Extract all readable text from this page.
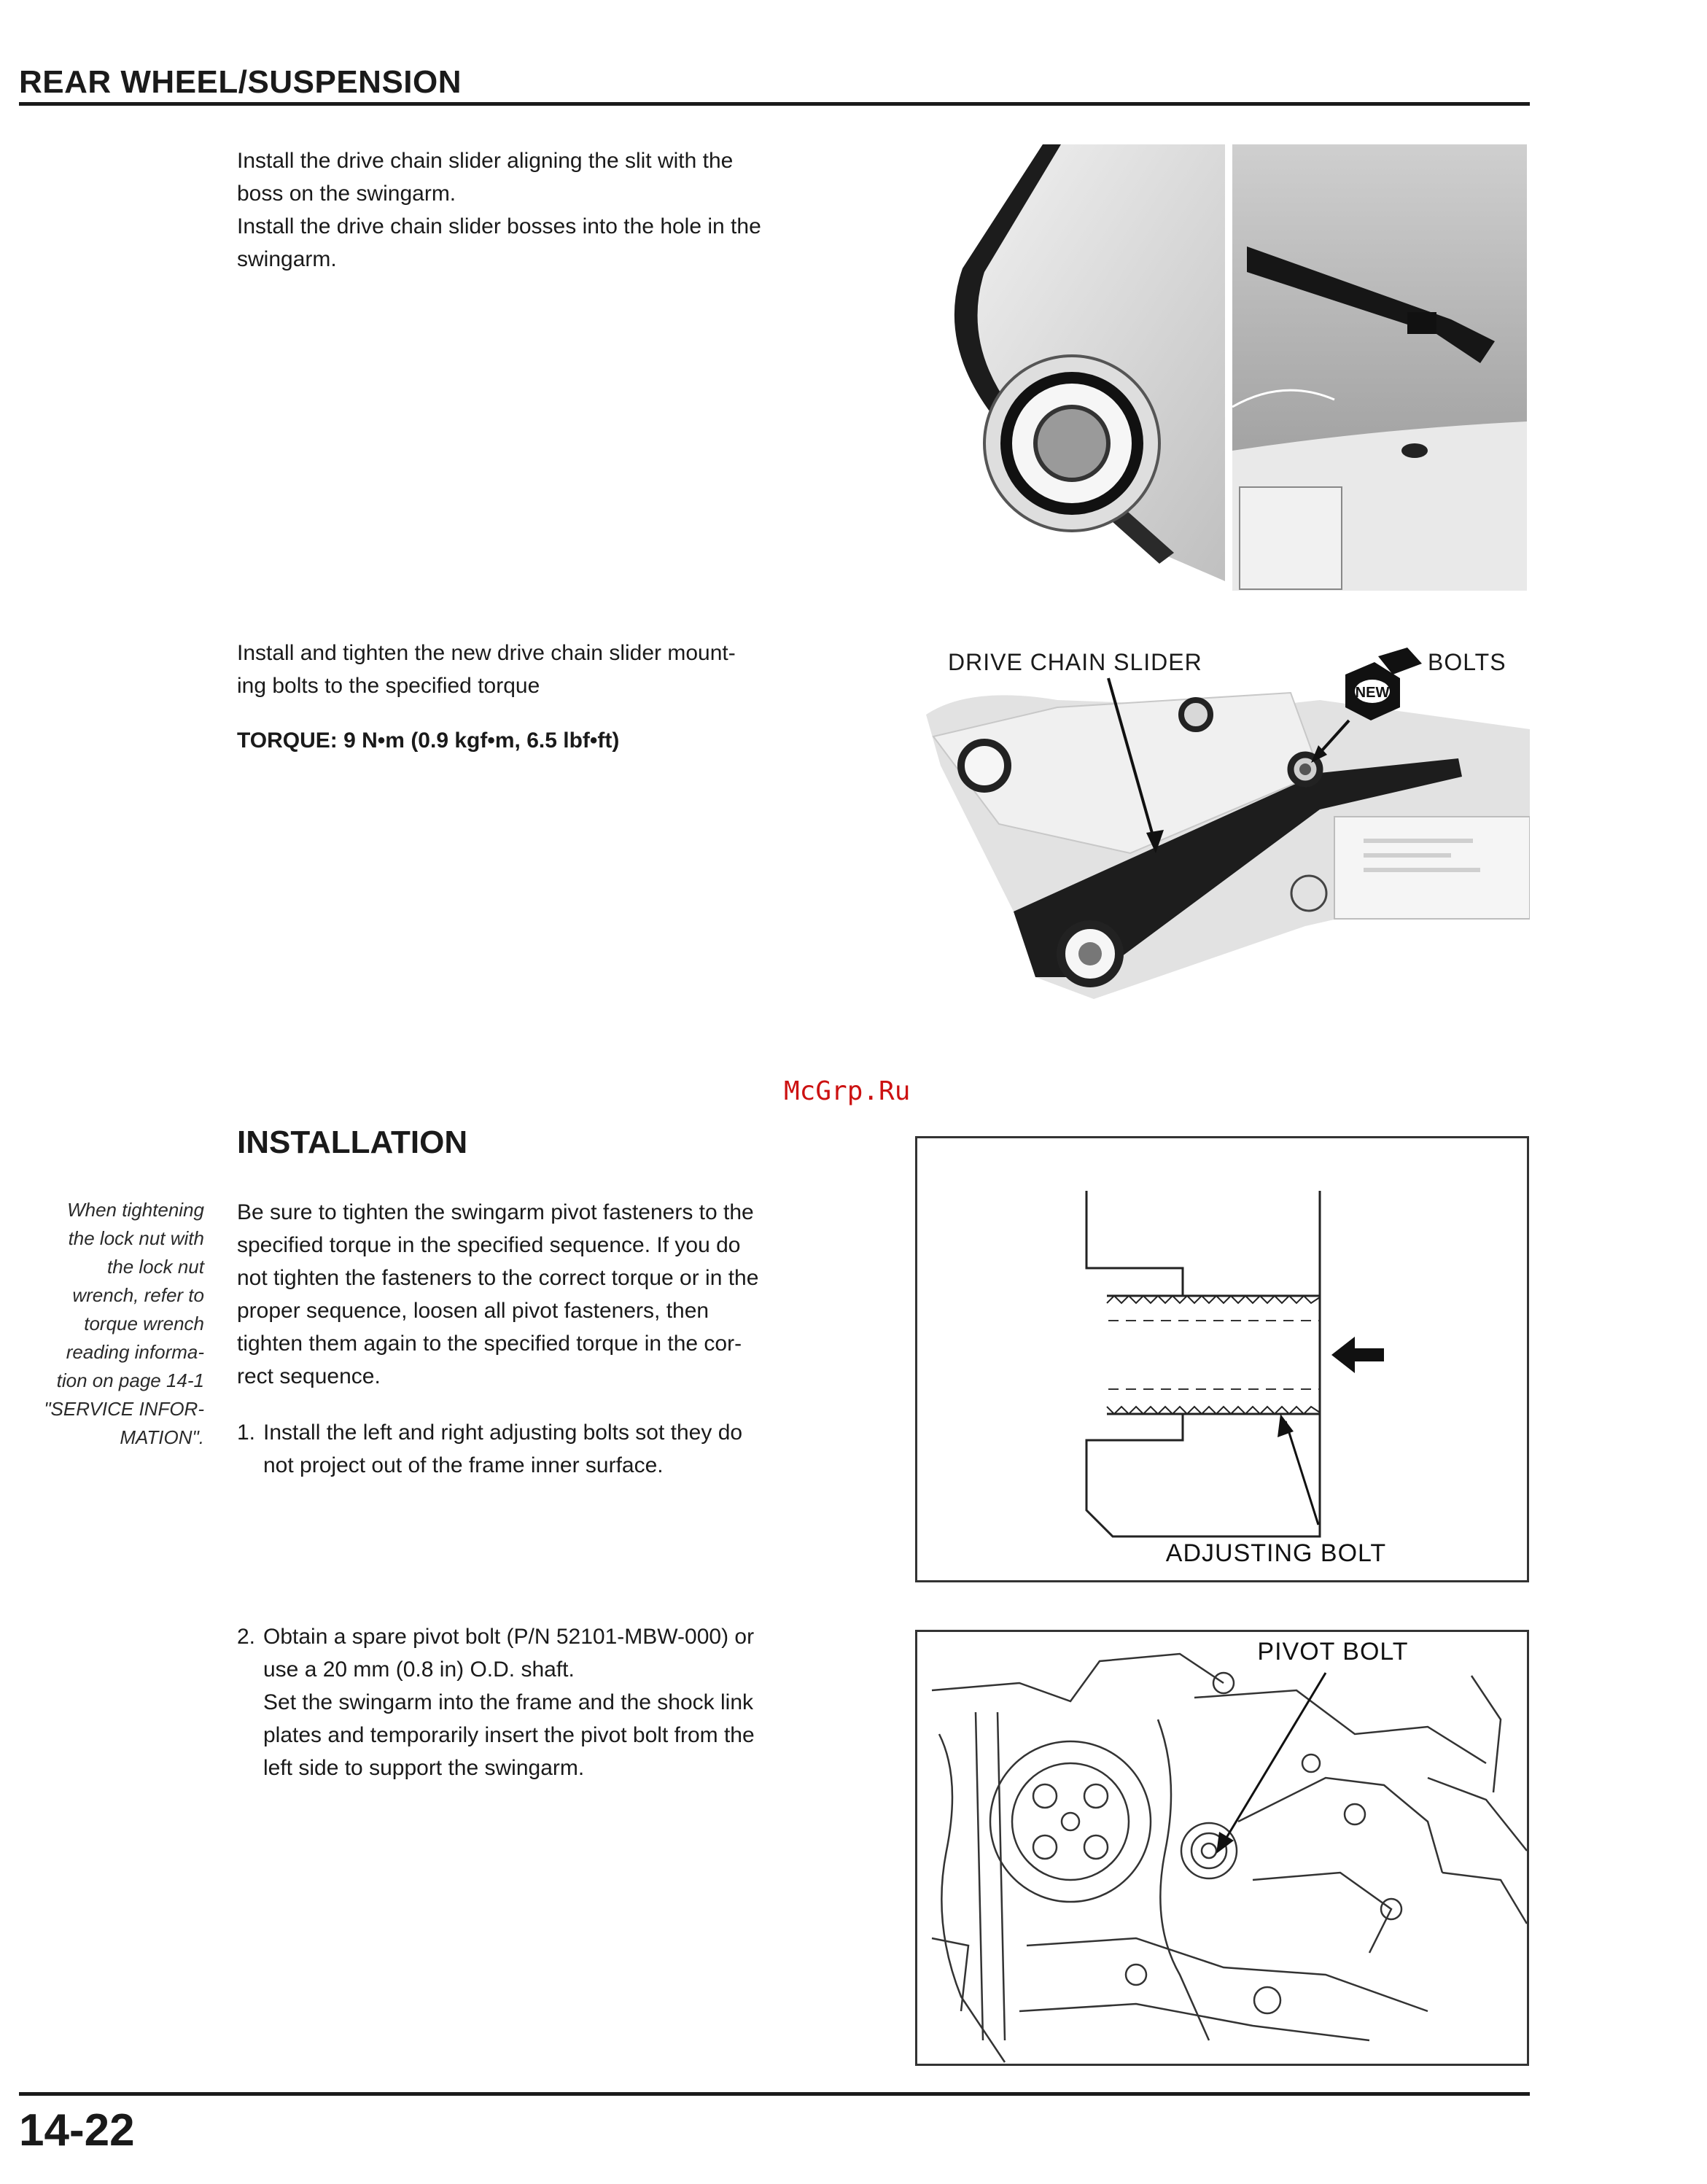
REAR WHEEL/SUSPENSION

Install the drive chain slider aligning the slit with the

boss on the swingarm.

Install the drive chain slider bosses into the hole in the

swingarm.

Install and tighten the new drive chain slider mount-

ing bolts to the specified torque

TORQUE: 9 N•m (0.9 kgf•m, 6.5 lbf•ft)

NEW
DRIVE CHAIN SLIDER	BOLTS
McGrp.Ru
INSTALLATION
When tightening
the lock nut with
the lock nut
wrench, refer to
torque wrench
reading informa-
tion on page 14-1
"SERVICE INFOR-
MATION".

Be sure to tighten the swingarm pivot fasteners to the

specified torque in the specified sequence. If you do

not tighten the fasteners to the correct torque or in the

proper sequence, loosen all pivot fasteners, then

tighten them again to the specified torque in the cor-

rect sequence.

1. Install the left and right adjusting bolts sot they do

not project out of the frame inner surface.

2. Obtain a spare pivot bolt (P/N 52101-MBW-000) or

use a 20 mm (0.8 in) O.D. shaft.

Set the swingarm into the frame and the shock link

plates and temporarily insert the pivot bolt from the

left side to support the swingarm.

ADJUSTING BOLT
PIVOT BOLT
14-22
